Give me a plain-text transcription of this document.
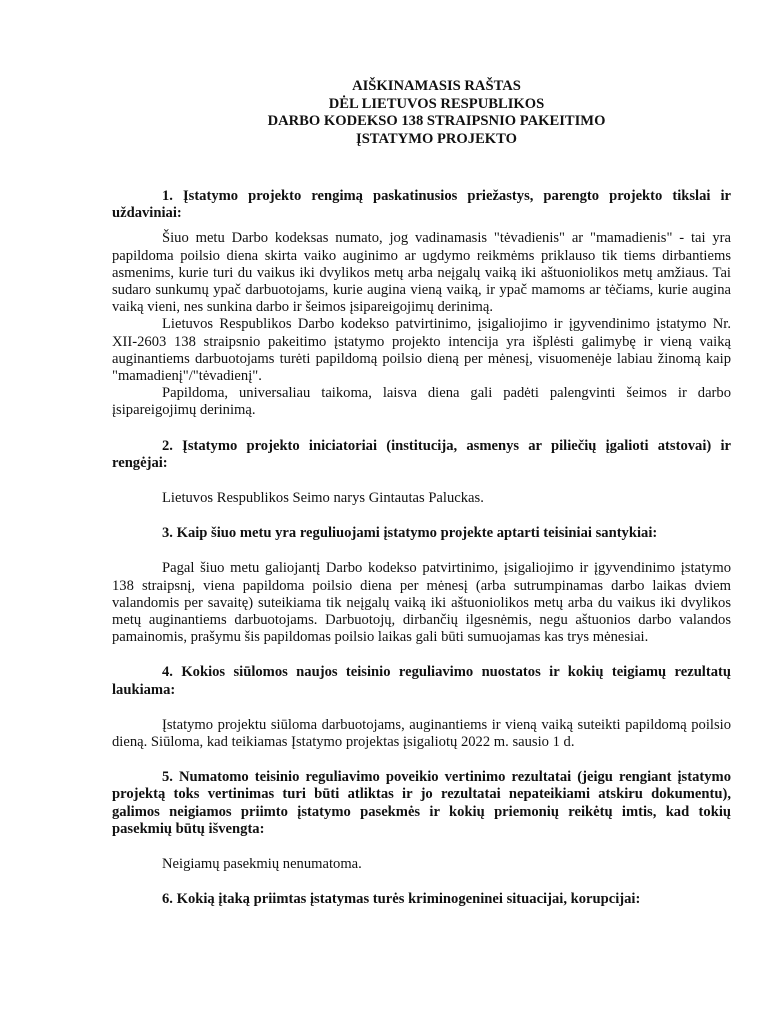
AIŠKINAMASIS RAŠTAS
DĖL LIETUVOS RESPUBLIKOS
DARBO KODEKSO 138 STRAIPSNIO PAKEITIMO
ĮSTATYMO PROJEKTO

1. Įstatymo projekto rengimą paskatinusios priežastys, parengto projekto tikslai ir uždaviniai:

Šiuo metu Darbo kodeksas numato, jog vadinamasis "tėvadienis" ar "mamadienis" - tai yra papildoma poilsio diena skirta vaiko auginimo ar ugdymo reikmėms priklauso tik tiems dirbantiems asmenims, kurie turi du vaikus iki dvylikos metų arba neįgalų vaiką iki aštuoniolikos metų amžiaus. Tai sudaro sunkumų ypač darbuotojams, kurie augina vieną vaiką, ir ypač mamoms ar tėčiams, kurie augina vaiką vieni, nes sunkina darbo ir šeimos įsipareigojimų derinimą.

Lietuvos Respublikos Darbo kodekso patvirtinimo, įsigaliojimo ir įgyvendinimo įstatymo Nr. XII-2603 138 straipsnio pakeitimo įstatymo projekto intencija yra išplėsti galimybę ir vieną vaiką auginantiems darbuotojams turėti papildomą poilsio dieną per mėnesį, visuomenėje labiau žinomą kaip "mamadienį"/"tėvadienį".

Papildoma, universaliau taikoma, laisva diena gali padėti palengvinti šeimos ir darbo įsipareigojimų derinimą.

2. Įstatymo projekto iniciatoriai (institucija, asmenys ar piliečių įgalioti atstovai) ir rengėjai:

Lietuvos Respublikos Seimo narys Gintautas Paluckas.

3. Kaip šiuo metu yra reguliuojami įstatymo projekte aptarti teisiniai santykiai:

Pagal šiuo metu galiojantį Darbo kodekso patvirtinimo, įsigaliojimo ir įgyvendinimo įstatymo 138 straipsnį, viena papildoma poilsio diena per mėnesį (arba sutrumpinamas darbo laikas dviem valandomis per savaitę) suteikiama tik neįgalų vaiką iki aštuoniolikos metų arba du vaikus iki dvylikos metų auginantiems darbuotojams. Darbuotojų, dirbančių ilgesnėmis, negu aštuonios darbo valandos pamainomis, prašymu šis papildomas poilsio laikas gali būti sumuojamas kas trys mėnesiai.

4. Kokios siūlomos naujos teisinio reguliavimo nuostatos ir kokių teigiamų rezultatų laukiama:

Įstatymo projektu siūloma darbuotojams, auginantiems ir vieną vaiką suteikti papildomą poilsio dieną. Siūloma, kad teikiamas Įstatymo projektas įsigaliotų 2022 m. sausio 1 d.

5. Numatomo teisinio reguliavimo poveikio vertinimo rezultatai (jeigu rengiant įstatymo projektą toks vertinimas turi būti atliktas ir jo rezultatai nepateikiami atskiru dokumentu), galimos neigiamos priimto įstatymo pasekmės ir kokių priemonių reikėtų imtis, kad tokių pasekmių būtų išvengta:

Neigiamų pasekmių nenumatoma.

6. Kokią įtaką priimtas įstatymas turės kriminogeninei situacijai, korupcijai:
